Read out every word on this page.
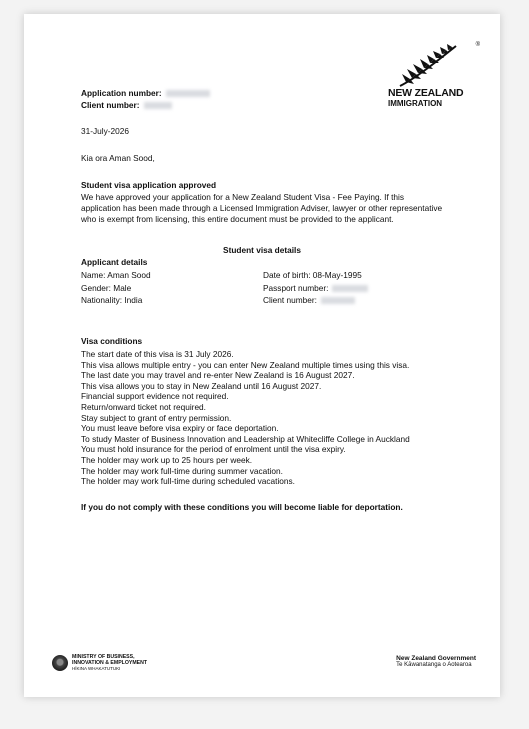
®
NEW ZEALAND
IMMIGRATION
Application number:
Client number:
31-July-2026
Kia ora Aman Sood,
Student visa application approved
We have approved your application for a New Zealand Student Visa - Fee Paying. If this application has been made through a Licensed Immigration Adviser, lawyer or other representative who is exempt from licensing, this entire document must be provided to the applicant.
Student visa details
Applicant details
Name: Aman Sood
Gender: Male
Nationality: India
Date of birth: 08-May-1995
Passport number:
Client number:
Visa conditions
The start date of this visa is 31 July 2026.
This visa allows multiple entry - you can enter New Zealand multiple times using this visa.
The last date you may travel and re-enter New Zealand is 16 August 2027.
This visa allows you to stay in New Zealand until 16 August 2027.
Financial support evidence not required.
Return/onward ticket not required.
Stay subject to grant of entry permission.
You must leave before visa expiry or face deportation.
To study Master of Business Innovation and Leadership at Whitecliffe College in Auckland
You must hold insurance for the period of enrolment until the visa expiry.
The holder may work up to 25 hours per week.
The holder may work full-time during summer vacation.
The holder may work full-time during scheduled vacations.
If you do not comply with these conditions you will become liable for deportation.
MINISTRY OF BUSINESS,
INNOVATION & EMPLOYMENT
HĪKINA WHAKATUTUKI
New Zealand Government
Te Kāwanatanga o Aotearoa
